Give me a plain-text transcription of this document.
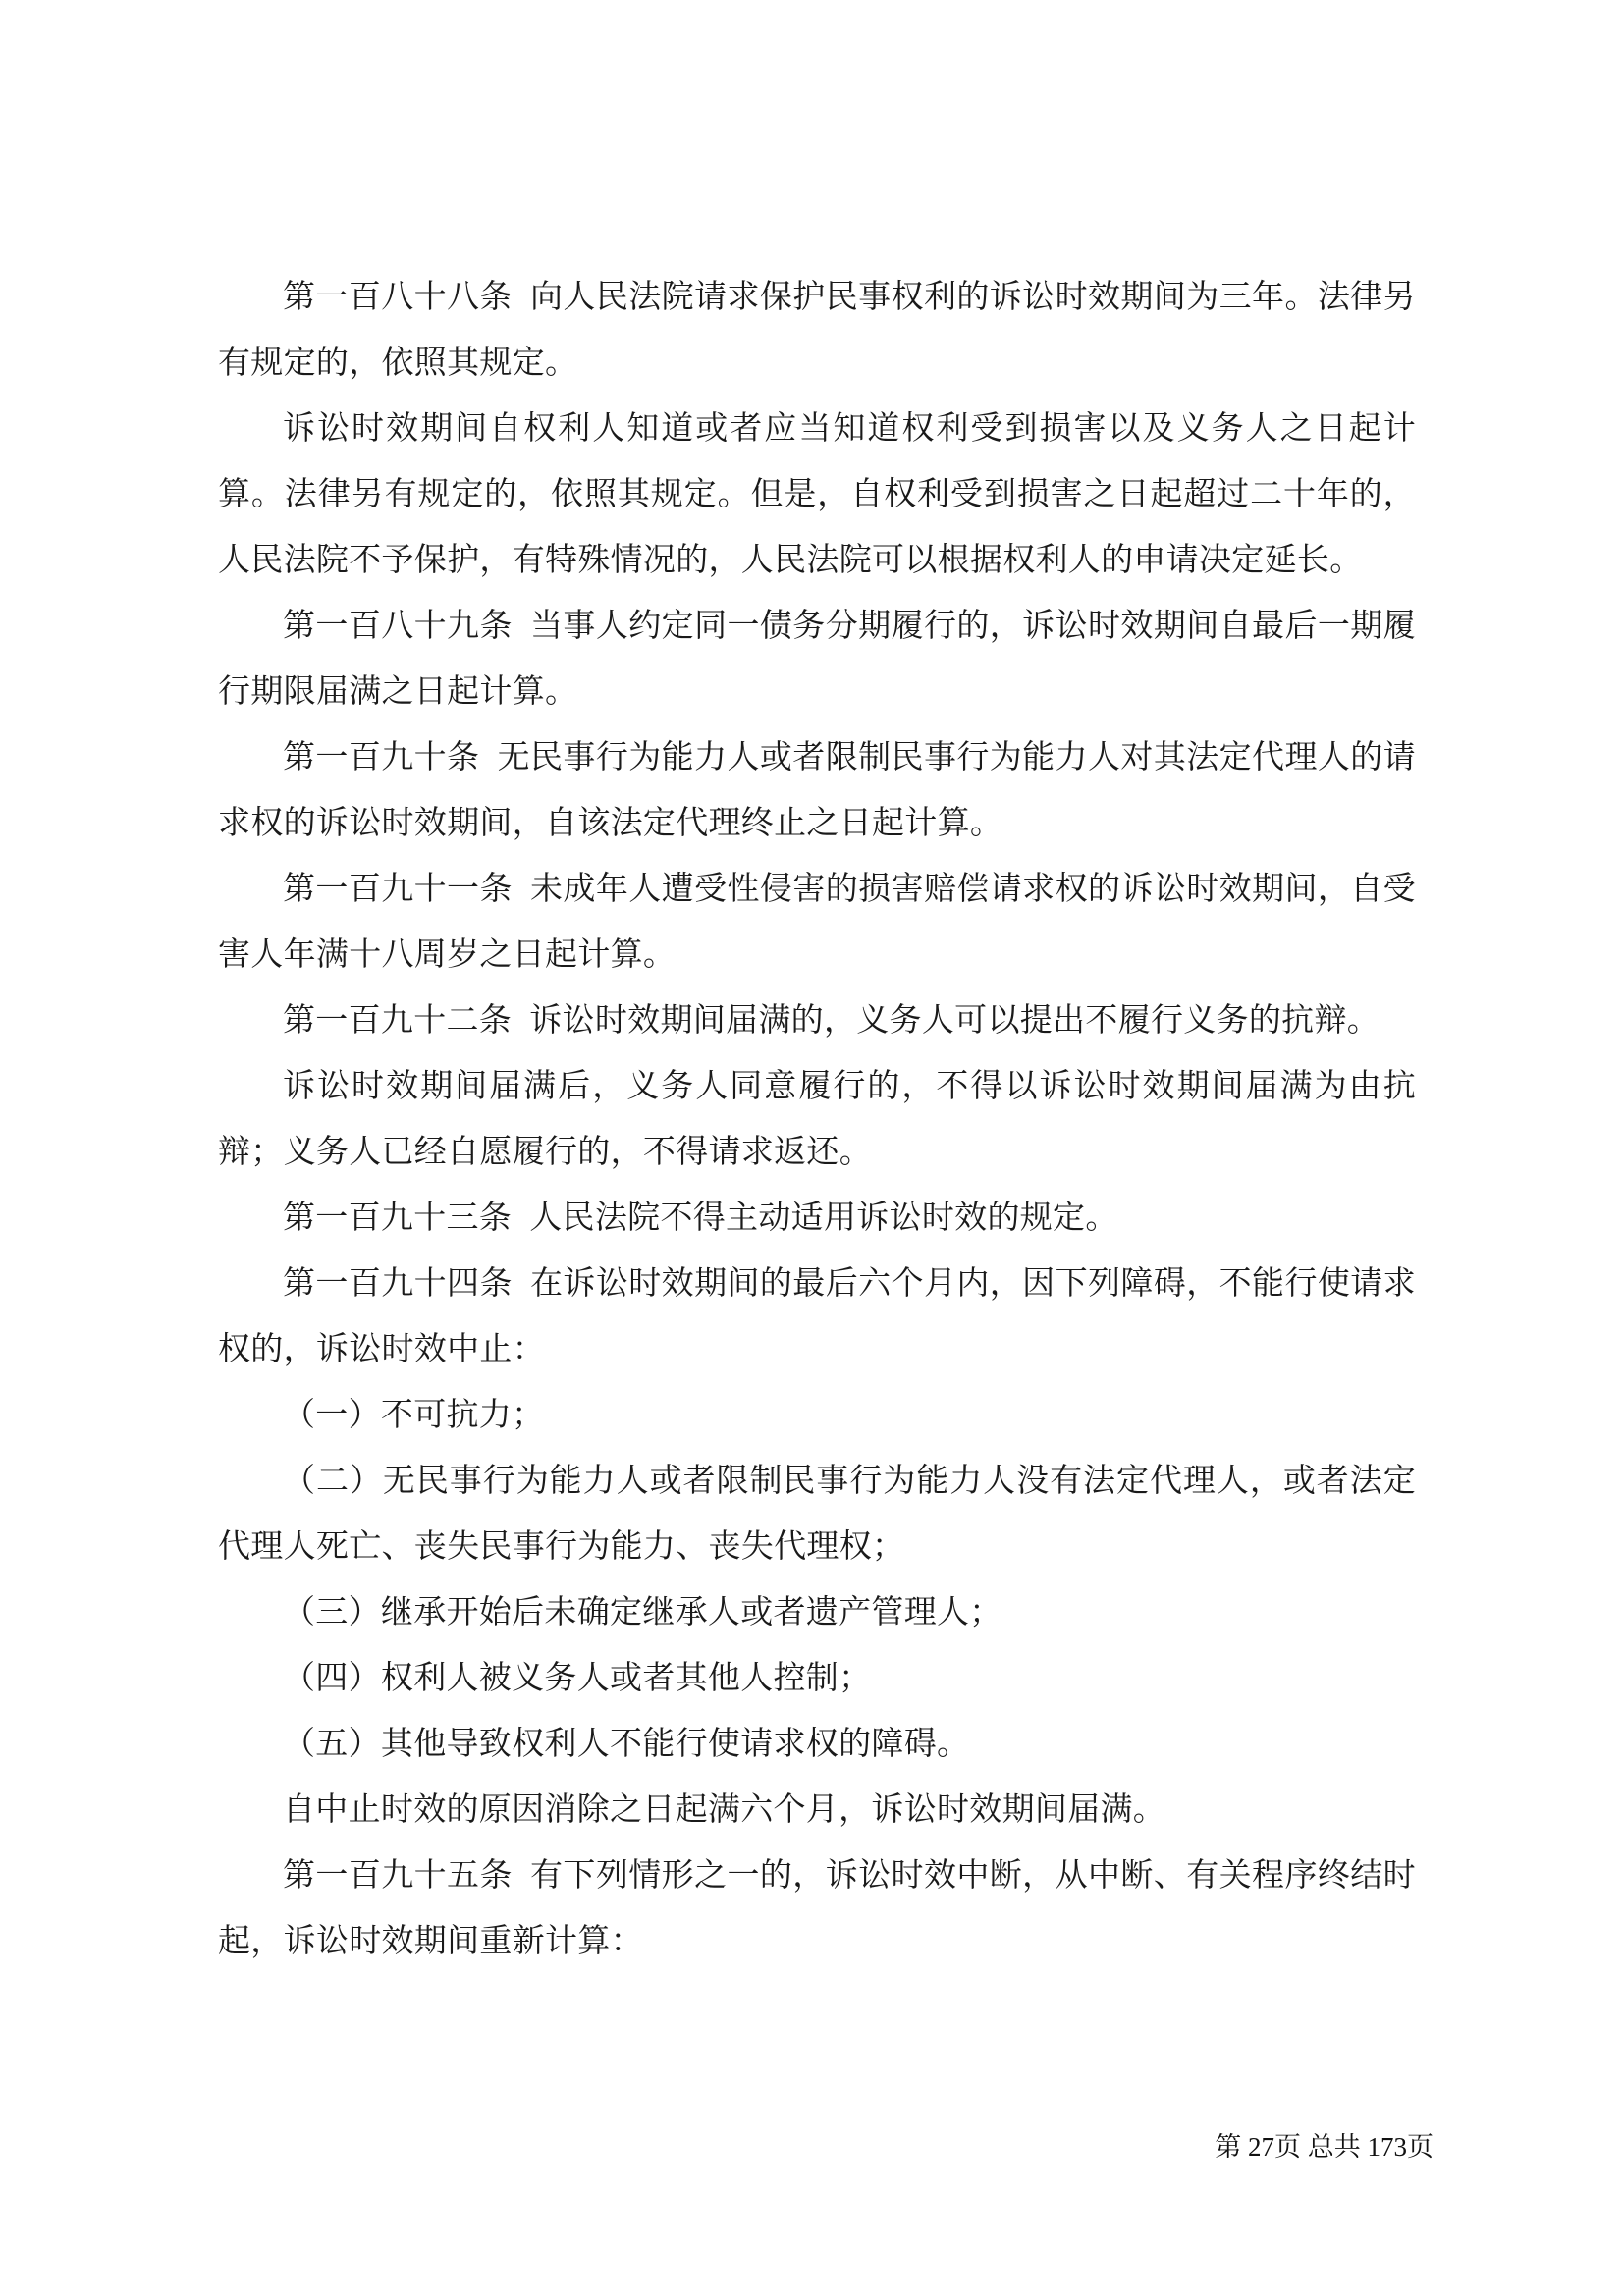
第一百八十八条 向人民法院请求保护民事权利的诉讼时效期间为三年。法律另有规定的，依照其规定。

诉讼时效期间自权利人知道或者应当知道权利受到损害以及义务人之日起计算。法律另有规定的，依照其规定。但是，自权利受到损害之日起超过二十年的，人民法院不予保护，有特殊情况的，人民法院可以根据权利人的申请决定延长。

第一百八十九条 当事人约定同一债务分期履行的，诉讼时效期间自最后一期履行期限届满之日起计算。

第一百九十条 无民事行为能力人或者限制民事行为能力人对其法定代理人的请求权的诉讼时效期间，自该法定代理终止之日起计算。

第一百九十一条 未成年人遭受性侵害的损害赔偿请求权的诉讼时效期间，自受害人年满十八周岁之日起计算。

第一百九十二条 诉讼时效期间届满的，义务人可以提出不履行义务的抗辩。

诉讼时效期间届满后，义务人同意履行的，不得以诉讼时效期间届满为由抗辩；义务人已经自愿履行的，不得请求返还。

第一百九十三条 人民法院不得主动适用诉讼时效的规定。

第一百九十四条 在诉讼时效期间的最后六个月内，因下列障碍，不能行使请求权的，诉讼时效中止：

（一）不可抗力；

（二）无民事行为能力人或者限制民事行为能力人没有法定代理人，或者法定代理人死亡、丧失民事行为能力、丧失代理权；

（三）继承开始后未确定继承人或者遗产管理人；

（四）权利人被义务人或者其他人控制；

（五）其他导致权利人不能行使请求权的障碍。

自中止时效的原因消除之日起满六个月，诉讼时效期间届满。

第一百九十五条 有下列情形之一的，诉讼时效中断，从中断、有关程序终结时起，诉讼时效期间重新计算：

第 27页 总共 173页
